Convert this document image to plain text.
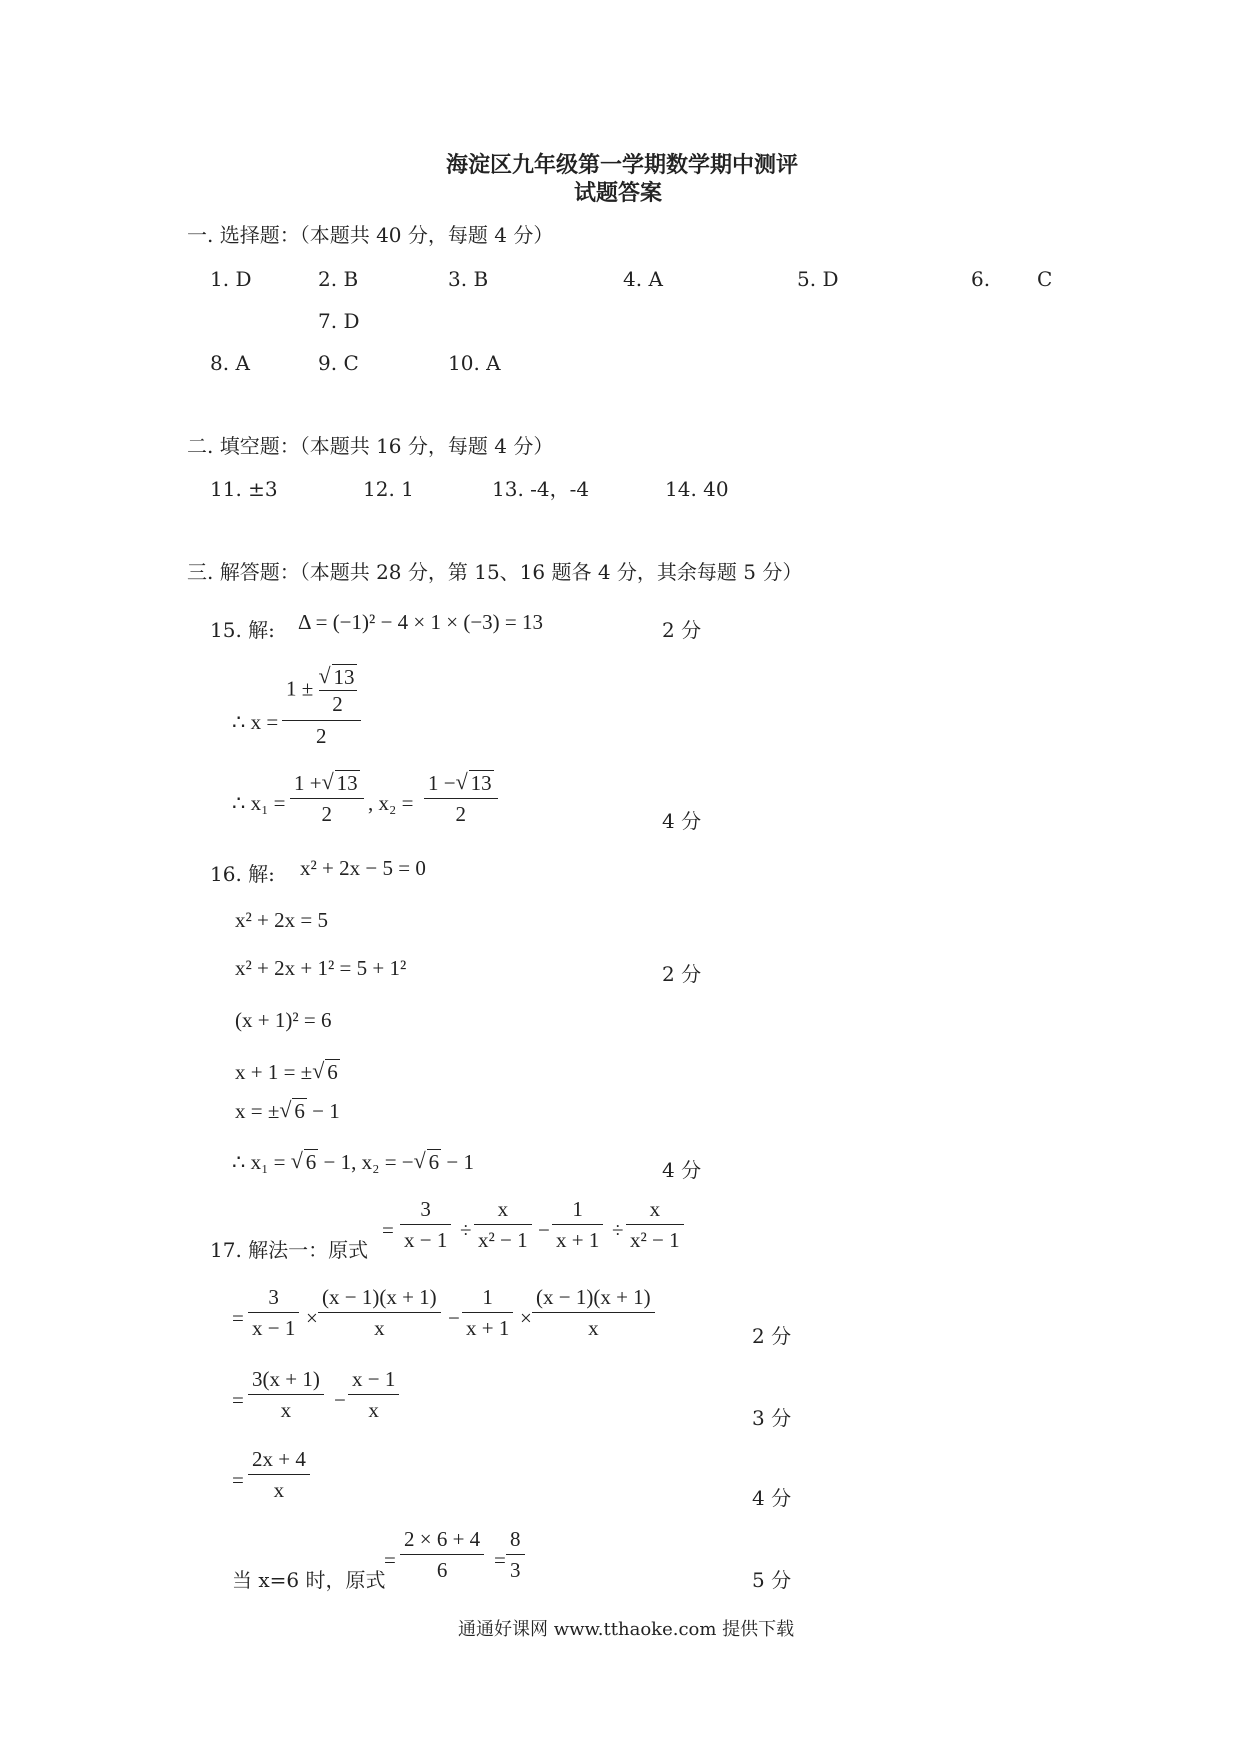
海淀区九年级第一学期数学期中测评
试题答案
一. 选择题：（本题共 40 分，每题 4 分）
1. D	2. B	3. B	4. A	5. D	6. C
7. D
8. A	9. C	10. A
二. 填空题：（本题共 16 分，每题 4 分）
11. ±3	12. 1	13. -4，-4	14. 40
三. 解答题：（本题共 28 分，第 15、16 题各 4 分，其余每题 5 分）
15. 解: Δ = (−1)² − 4 × 1 × (−3) = 13	2 分
∴ x =
1 ± √ $\frac{13}{2}$
2
∴ x₁ =
1 + √ 13
2	, x₂ =
1 − √ 13
2	4 分
16. 解: x² + 2x − 5 = 0
x² + 2x = 5
x² + 2x + 1² = 5 + 1²	2 分
(x + 1)² = 6
x + 1 = ± √ 6
x = ± √ 6 − 1
∴ x₁ = √ 6 − 1, x₂ = − √ 6 − 1	4 分
17. 解法一：原式
=
3
x − 1 ÷
x
x² − 1 −
1
x + 1 ÷
x
x² − 1
=
3
x − 1 ×
(x − 1)(x + 1)
x	−
1
x + 1 ×
(x − 1)(x + 1)
x	2 分
=
3(x + 1)
x	−
x − 1
x	3 分
=
2x + 4
x	4 分
当 x=6 时，原式
=
2 × 6 + 4
6	=
8
3	5 分
通通好课网 www.tthaoke.com 提供下载
